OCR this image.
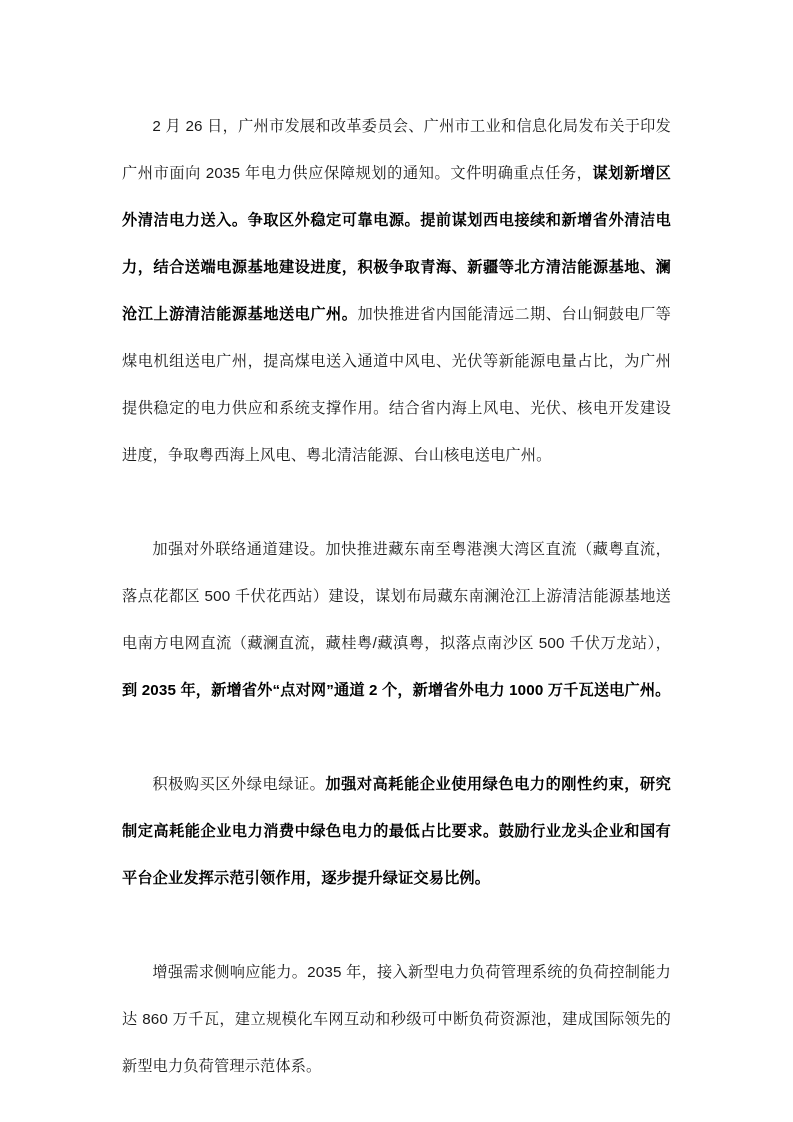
2 月 26 日，广州市发展和改革委员会、广州市工业和信息化局发布关于印发广州市面向 2035 年电力供应保障规划的通知。文件明确重点任务，谋划新增区外清洁电力送入。争取区外稳定可靠电源。提前谋划西电接续和新增省外清洁电力，结合送端电源基地建设进度，积极争取青海、新疆等北方清洁能源基地、澜沧江上游清洁能源基地送电广州。加快推进省内国能清远二期、台山铜鼓电厂等煤电机组送电广州，提高煤电送入通道中风电、光伏等新能源电量占比，为广州提供稳定的电力供应和系统支撑作用。结合省内海上风电、光伏、核电开发建设进度，争取粤西海上风电、粤北清洁能源、台山核电送电广州。

加强对外联络通道建设。加快推进藏东南至粤港澳大湾区直流（藏粤直流，落点花都区 500 千伏花西站）建设，谋划布局藏东南澜沧江上游清洁能源基地送电南方电网直流（藏澜直流，藏桂粤/藏滇粤，拟落点南沙区 500 千伏万龙站），到 2035 年，新增省外“点对网”通道 2 个，新增省外电力 1000 万千瓦送电广州。

积极购买区外绿电绿证。加强对高耗能企业使用绿色电力的刚性约束，研究制定高耗能企业电力消费中绿色电力的最低占比要求。鼓励行业龙头企业和国有平台企业发挥示范引领作用，逐步提升绿证交易比例。

增强需求侧响应能力。2035 年，接入新型电力负荷管理系统的负荷控制能力达 860 万千瓦，建立规模化车网互动和秒级可中断负荷资源池，建成国际领先的新型电力负荷管理示范体系。
